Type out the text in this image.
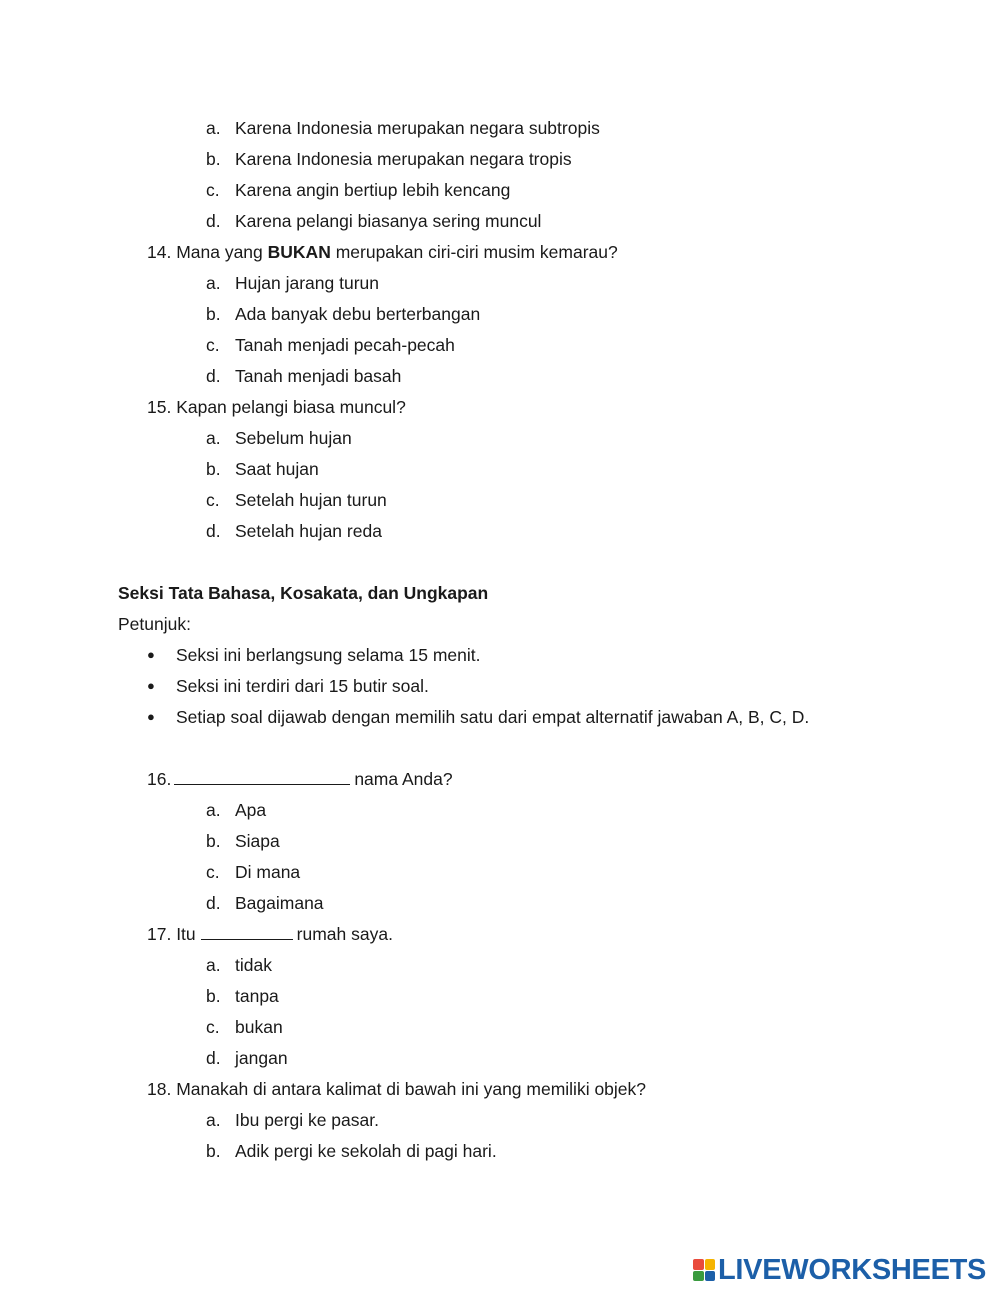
a. Karena Indonesia merupakan negara subtropis
b. Karena Indonesia merupakan negara tropis
c. Karena angin bertiup lebih kencang
d. Karena pelangi biasanya sering muncul
14. Mana yang BUKAN merupakan ciri-ciri musim kemarau?
a. Hujan jarang turun
b. Ada banyak debu berterbangan
c. Tanah menjadi pecah-pecah
d. Tanah menjadi basah
15. Kapan pelangi biasa muncul?
a. Sebelum hujan
b. Saat hujan
c. Setelah hujan turun
d. Setelah hujan reda
Seksi Tata Bahasa, Kosakata, dan Ungkapan
Petunjuk:
● Seksi ini berlangsung selama 15 menit.
● Seksi ini terdiri dari 15 butir soal.
● Setiap soal dijawab dengan memilih satu dari empat alternatif jawaban A, B, C, D.
16.	nama Anda?
a. Apa
b. Siapa
c. Di mana
d. Bagaimana
17. Itu	rumah saya.
a. tidak
b. tanpa
c. bukan
d. jangan
18. Manakah di antara kalimat di bawah ini yang memiliki objek?
a. Ibu pergi ke pasar.
b. Adik pergi ke sekolah di pagi hari.
LIVEWORKSHEETS
